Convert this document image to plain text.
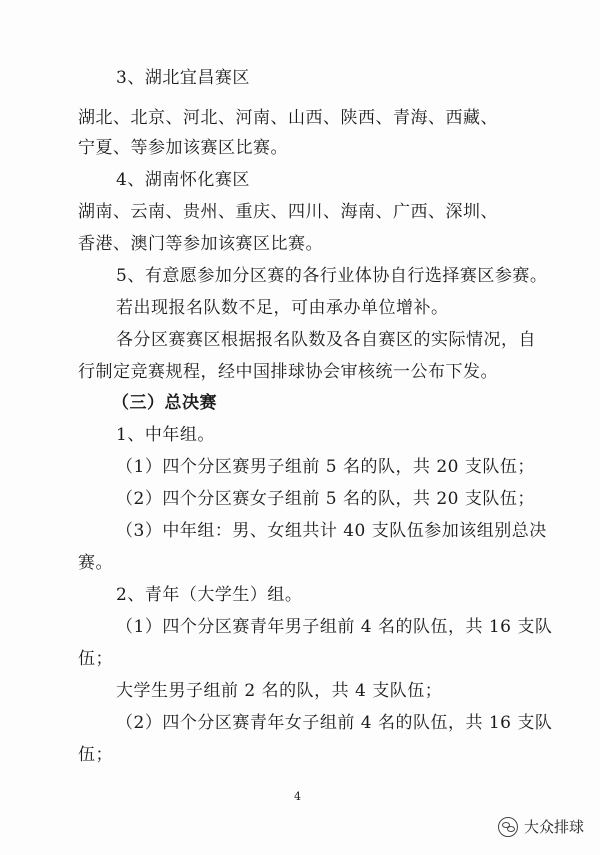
3、湖北宜昌赛区
湖北、北京、河北、河南、山西、陕西、青海、西藏、
宁夏、等参加该赛区比赛。
4、湖南怀化赛区
湖南、云南、贵州、重庆、四川、海南、广西、深圳、
香港、澳门等参加该赛区比赛。
5、有意愿参加分区赛的各行业体协自行选择赛区参赛。
若出现报名队数不足，可由承办单位增补。
各分区赛赛区根据报名队数及各自赛区的实际情况，自
行制定竞赛规程，经中国排球协会审核统一公布下发。
（三）总决赛
1、中年组。
（1）四个分区赛男子组前 5 名的队，共 20 支队伍；
（2）四个分区赛女子组前 5 名的队，共 20 支队伍；
（3）中年组：男、女组共计 40 支队伍参加该组别总决
赛。
2、青年（大学生）组。
（1）四个分区赛青年男子组前 4 名的队伍，共 16 支队
伍；
大学生男子组前 2 名的队，共 4 支队伍；
（2）四个分区赛青年女子组前 4 名的队伍，共 16 支队
伍；
4
大众排球
